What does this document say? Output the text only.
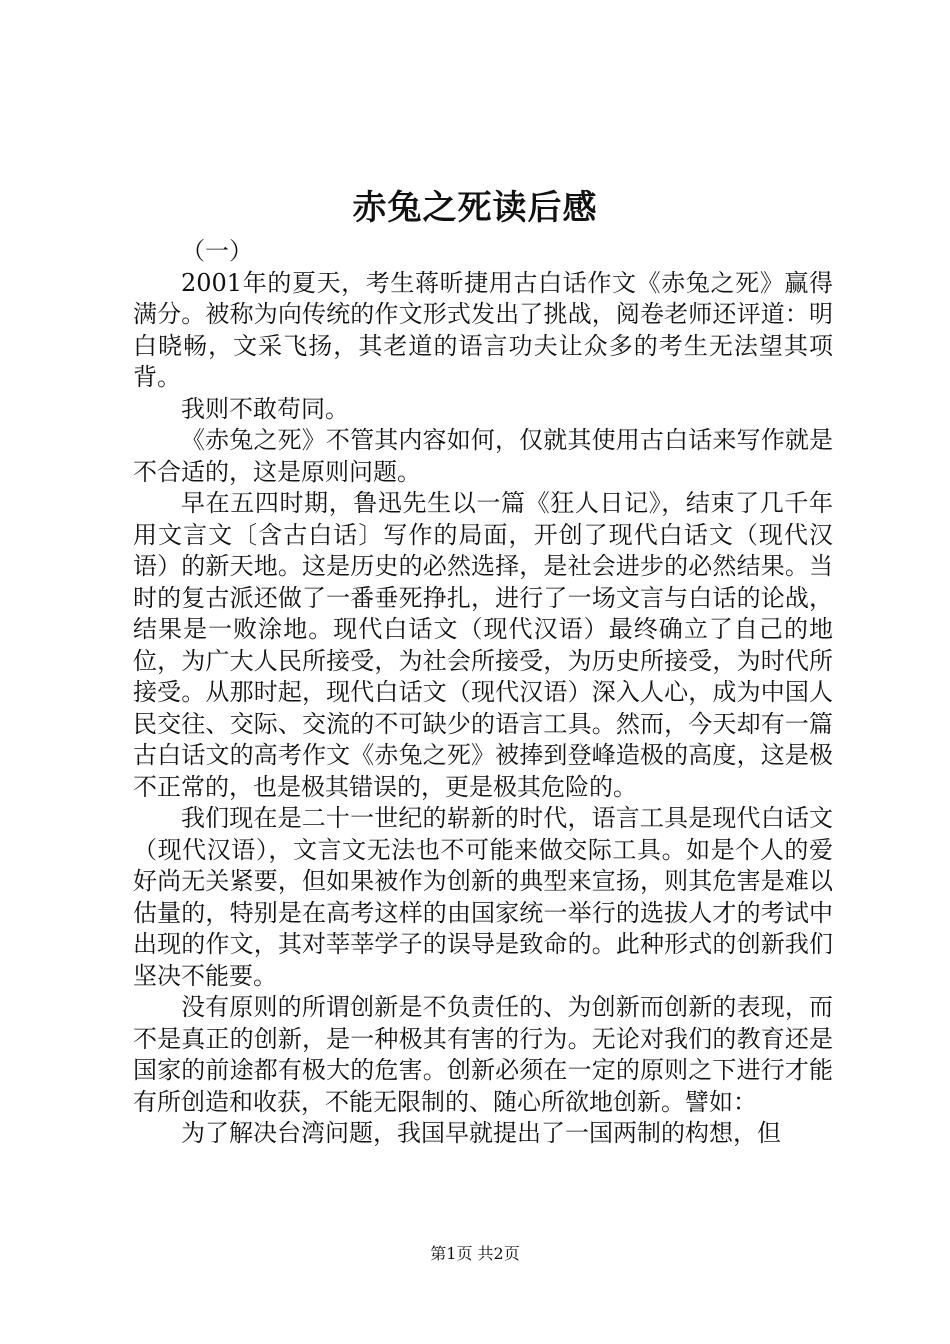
赤兔之死读后感

（一）

2001年的夏天，考生蒋昕捷用古白话作文《赤兔之死》赢得满分。被称为向传统的作文形式发出了挑战，阅卷老师还评道：明白晓畅，文采飞扬，其老道的语言功夫让众多的考生无法望其项背。

我则不敢苟同。

《赤兔之死》不管其内容如何，仅就其使用古白话来写作就是不合适的，这是原则问题。

早在五四时期，鲁迅先生以一篇《狂人日记》，结束了几千年用文言文〔含古白话〕写作的局面，开创了现代白话文（现代汉语）的新天地。这是历史的必然选择，是社会进步的必然结果。当时的复古派还做了一番垂死挣扎，进行了一场文言与白话的论战，结果是一败涂地。现代白话文（现代汉语）最终确立了自己的地位，为广大人民所接受，为社会所接受，为历史所接受，为时代所接受。从那时起，现代白话文（现代汉语）深入人心，成为中国人民交往、交际、交流的不可缺少的语言工具。然而，今天却有一篇古白话文的高考作文《赤兔之死》被捧到登峰造极的高度，这是极不正常的，也是极其错误的，更是极其危险的。

我们现在是二十一世纪的崭新的时代，语言工具是现代白话文（现代汉语），文言文无法也不可能来做交际工具。如是个人的爱好尚无关紧要，但如果被作为创新的典型来宣扬，则其危害是难以估量的，特别是在高考这样的由国家统一举行的选拔人才的考试中出现的作文，其对莘莘学子的误导是致命的。此种形式的创新我们坚决不能要。

没有原则的所谓创新是不负责任的、为创新而创新的表现，而不是真正的创新，是一种极其有害的行为。无论对我们的教育还是国家的前途都有极大的危害。创新必须在一定的原则之下进行才能有所创造和收获，不能无限制的、随心所欲地创新。譬如：

为了解决台湾问题，我国早就提出了一国两制的构想，但

第1页 共2页
